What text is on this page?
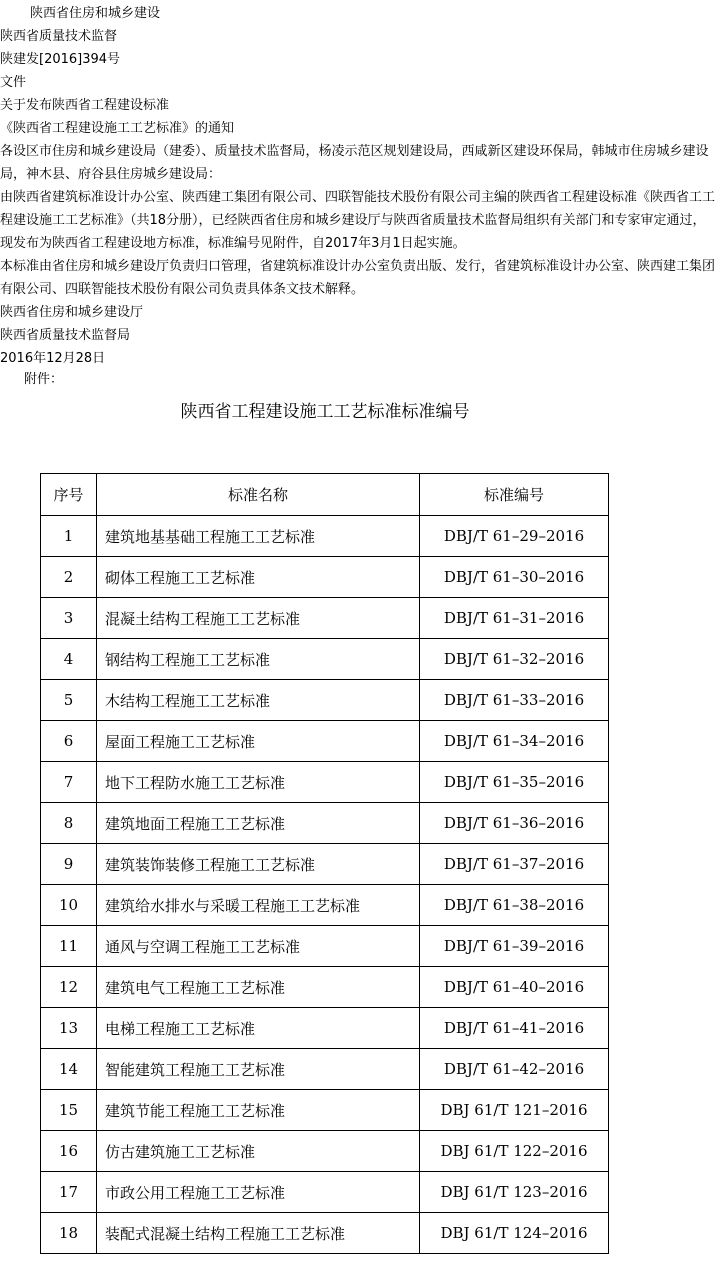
陕西省住房和城乡建设

陕西省质量技术监督

陕建发[2016]394号

文件

关于发布陕西省工程建设标准

《陕西省工程建设施工工艺标准》的通知

各设区市住房和城乡建设局（建委）、质量技术监督局，杨凌示范区规划建设局，西咸新区建设环保局，韩城市住房城乡建设局，神木县、府谷县住房城乡建设局：

由陕西省建筑标准设计办公室、陕西建工集团有限公司、四联智能技术股份有限公司主编的陕西省工程建设标准《陕西省工工程建设施工工艺标准》（共18分册），已经陕西省住房和城乡建设厅与陕西省质量技术监督局组织有关部门和专家审定通过，现发布为陕西省工程建设地方标准，标准编号见附件，自2017年3月1日起实施。

本标准由省住房和城乡建设厅负责归口管理，省建筑标准设计办公室负责出版、发行，省建筑标准设计办公室、陕西建工集团有限公司、四联智能技术股份有限公司负责具体条文技术解释。

陕西省住房和城乡建设厅

陕西省质量技术监督局

2016年12月28日

附件：
陕西省工程建设施工工艺标准标准编号
序号	标准名称	标准编号
1	建筑地基基础工程施工工艺标准	DBJ/T 61–29–2016
2	砌体工程施工工艺标准	DBJ/T 61–30–2016
3	混凝土结构工程施工工艺标准	DBJ/T 61–31–2016
4	钢结构工程施工工艺标准	DBJ/T 61–32–2016
5	木结构工程施工工艺标准	DBJ/T 61–33–2016
6	屋面工程施工工艺标准	DBJ/T 61–34–2016
7	地下工程防水施工工艺标准	DBJ/T 61–35–2016
8	建筑地面工程施工工艺标准	DBJ/T 61–36–2016
9	建筑装饰装修工程施工工艺标准	DBJ/T 61–37–2016
10	建筑给水排水与采暖工程施工工艺标准	DBJ/T 61–38–2016
11	通风与空调工程施工工艺标准	DBJ/T 61–39–2016
12	建筑电气工程施工工艺标准	DBJ/T 61–40–2016
13	电梯工程施工工艺标准	DBJ/T 61–41–2016
14	智能建筑工程施工工艺标准	DBJ/T 61–42–2016
15	建筑节能工程施工工艺标准	DBJ 61/T 121–2016
16	仿古建筑施工工艺标准	DBJ 61/T 122–2016
17	市政公用工程施工工艺标准	DBJ 61/T 123–2016
18	装配式混凝土结构工程施工工艺标准	DBJ 61/T 124–2016
